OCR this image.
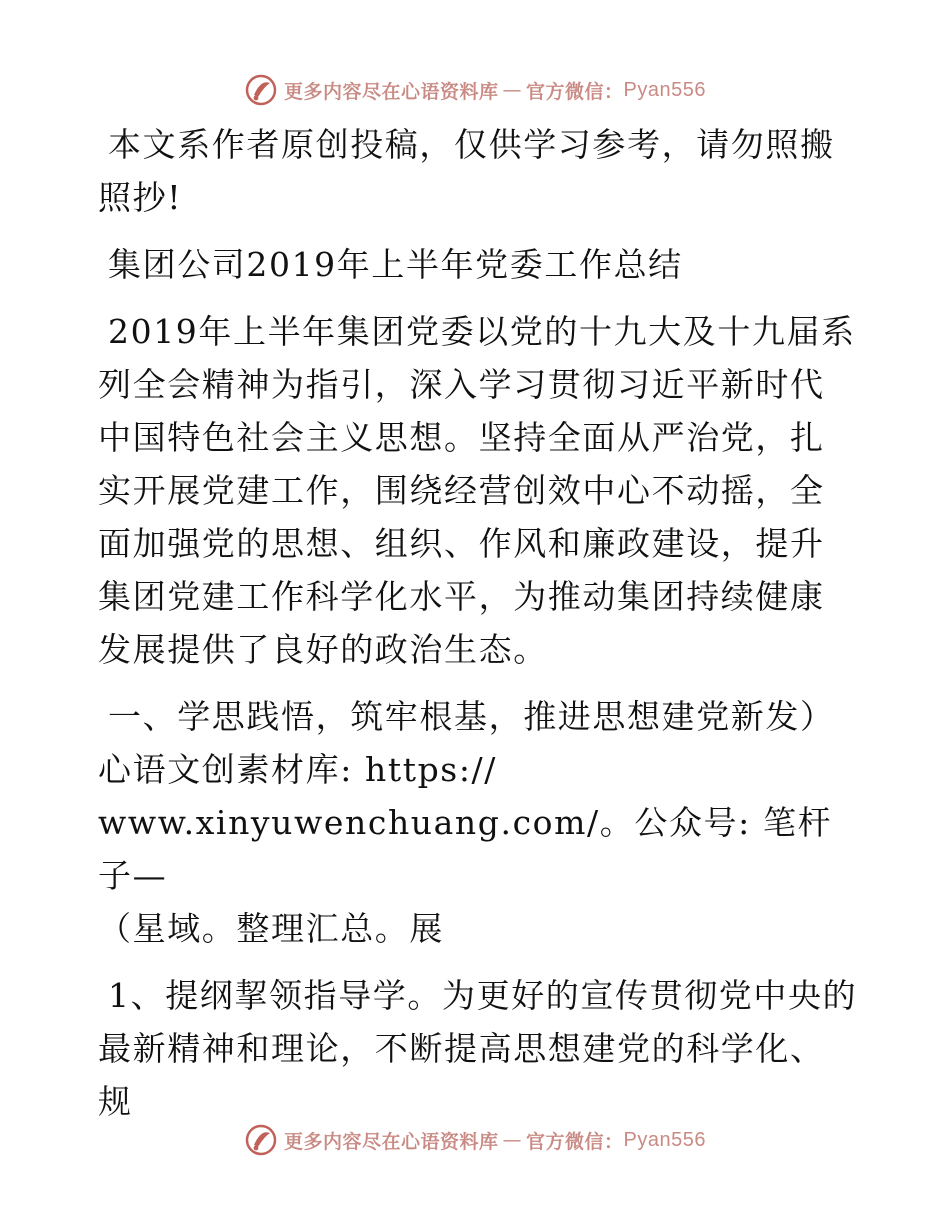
更多内容尽在心语资料库 — 官方微信： Pyan556

本文系作者原创投稿，仅供学习参考，请勿照搬照抄!

集团公司2019年上半年党委工作总结

2019年上半年集团党委以党的十九大及十九届系列全会精神为指引，深入学习贯彻习近平新时代中国特色社会主义思想。坚持全面从严治党，扎实开展党建工作，围绕经营创效中心不动摇，全面加强党的思想、组织、作风和廉政建设，提升集团党建工作科学化水平，为推动集团持续健康发展提供了良好的政治生态。

一、学思践悟，筑牢根基，推进思想建党新发）
心语文创素材库: https://
www.xinyuwenchuang.com/。公众号: 笔杆子—
（星域。整理汇总。展

1、提纲挈领指导学。为更好的宣传贯彻党中央的最新精神和理论，不断提高思想建党的科学化、规

更多内容尽在心语资料库 — 官方微信： Pyan556
